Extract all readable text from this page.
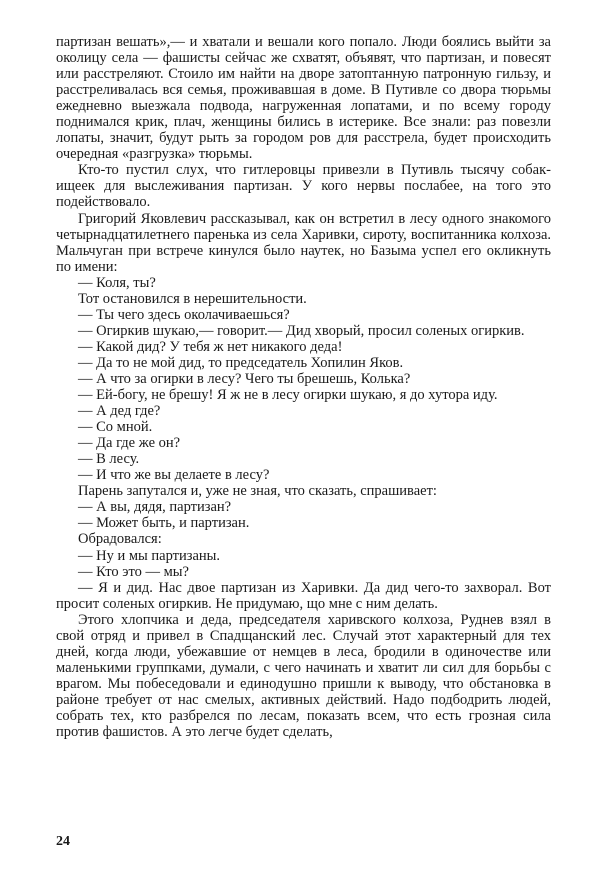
партизан вешать»,— и хватали и вешали кого попало. Люди боялись выйти за околицу села — фашисты сейчас же схватят, объявят, что партизан, и повесят или расстреляют. Стоило им найти на дворе затоптанную патронную гильзу, и расстреливалась вся семья, проживавшая в доме. В Путивле со двора тюрьмы ежедневно выезжала подвода, нагруженная лопатами, и по всему городу поднимался крик, плач, женщины бились в истерике. Все знали: раз повезли лопаты, значит, будут рыть за городом ров для расстрела, будет происходить очередная «разгрузка» тюрьмы.

Кто-то пустил слух, что гитлеровцы привезли в Путивль тысячу собак-ищеек для выслеживания партизан. У кого нервы послабее, на того это подействовало.

Григорий Яковлевич рассказывал, как он встретил в лесу одного знакомого четырнадцатилетнего паренька из села Харивки, сироту, воспитанника колхоза. Мальчуган при встрече кинулся было наутек, но Базыма успел его окликнуть по имени:

— Коля, ты?

Тот остановился в нерешительности.

— Ты чего здесь околачиваешься?

— Огиркив шукаю,— говорит.— Дид хворый, просил соленых огиркив.

— Какой дид? У тебя ж нет никакого деда!

— Да то не мой дид, то председатель Хопилин Яков.

— А что за огирки в лесу? Чего ты брешешь, Колька?

— Ей-богу, не брешу! Я ж не в лесу огирки шукаю, я до хутора иду.

— А дед где?

— Со мной.

— Да где же он?

— В лесу.

— И что же вы делаете в лесу?

Парень запутался и, уже не зная, что сказать, спрашивает:

— А вы, дядя, партизан?

— Может быть, и партизан.

Обрадовался:

— Ну и мы партизаны.

— Кто это — мы?

— Я и дид. Нас двое партизан из Харивки. Да дид чего-то захворал. Вот просит соленых огиркив. Не придумаю, що мне с ним делать.

Этого хлопчика и деда, председателя харивского колхоза, Руднев взял в свой отряд и привел в Спадщанский лес. Случай этот характерный для тех дней, когда люди, убежавшие от немцев в леса, бродили в одиночестве или маленькими группками, думали, с чего начинать и хватит ли сил для борьбы с врагом. Мы побеседовали и единодушно пришли к выводу, что обстановка в районе требует от нас смелых, активных действий. Надо подбодрить людей, собрать тех, кто разбрелся по лесам, показать всем, что есть грозная сила против фашистов. А это легче будет сделать,

24
